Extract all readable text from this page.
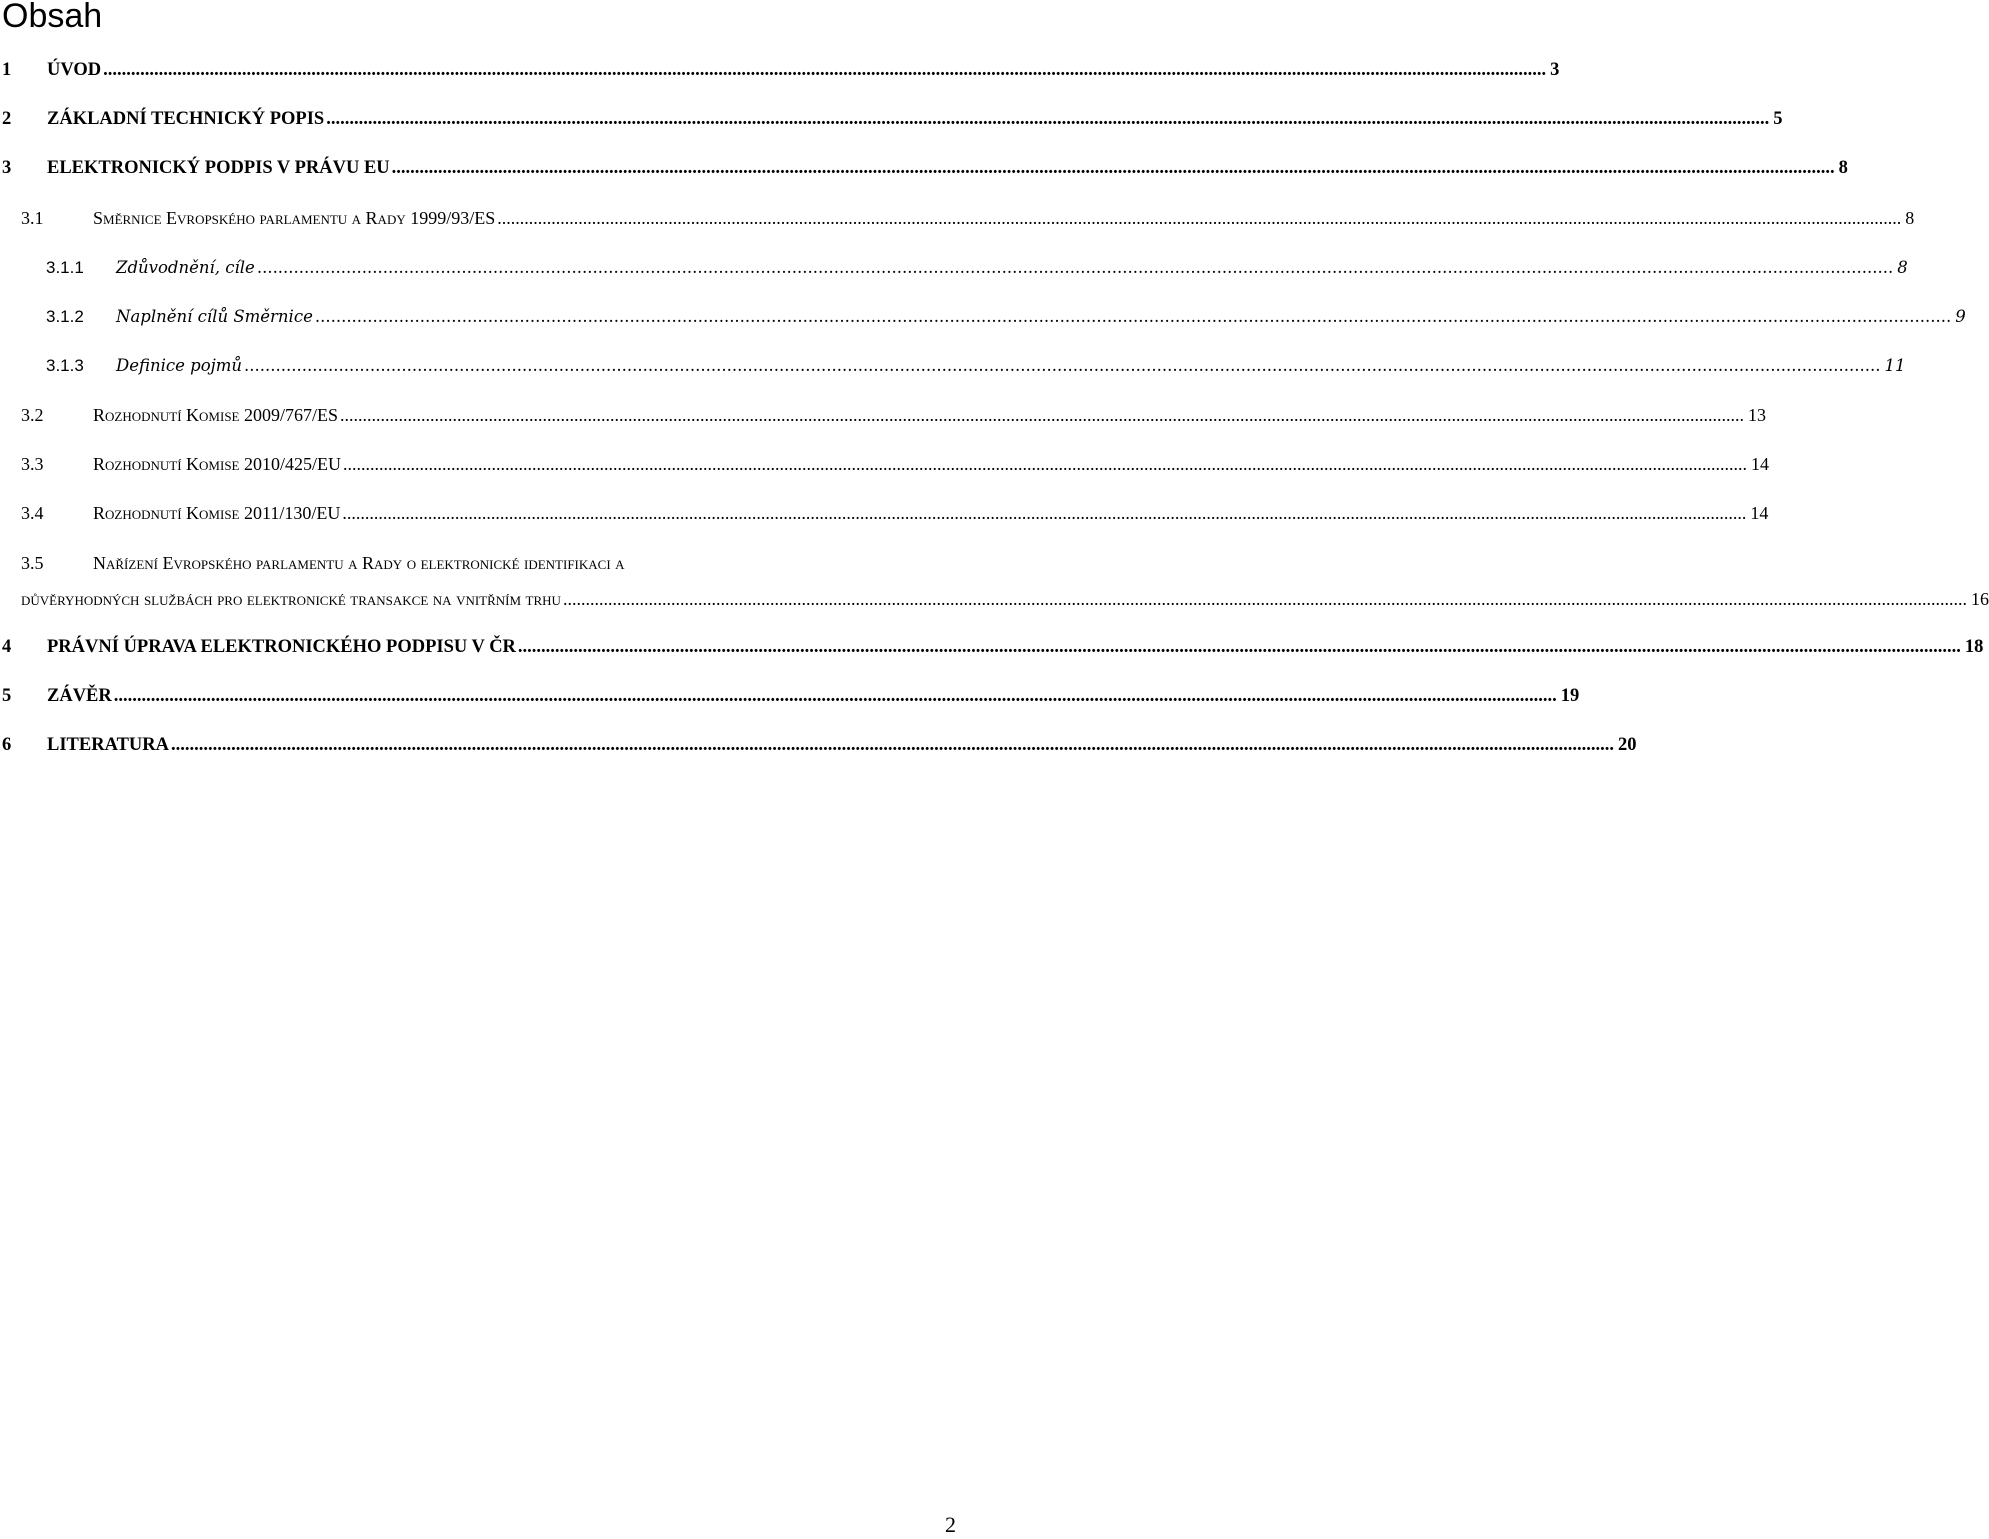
Obsah
1	ÚVOD .....	3
2	ZÁKLADNÍ TECHNICKÝ POPIS .....	5
3	ELEKTRONICKÝ PODPIS V PRÁVU EU .....	8
3.1	Směrnice Evropského parlamentu a Rady 1999/93/ES .....	8
3.1.1	Zdůvodnění, cíle .....	8
3.1.2	Naplnění cílů Směrnice .....	9
3.1.3	Definice pojmů .....	11
3.2	Rozhodnutí Komise 2009/767/ES .....	13
3.3	Rozhodnutí Komise 2010/425/EU .....	14
3.4	Rozhodnutí Komise 2011/130/EU .....	14
3.5	Nařízení Evropského parlamentu a Rady o elektronické identifikaci a
důvěryhodných službách pro elektronické transakce na vnitřním trhu .....	16
4	PRÁVNÍ ÚPRAVA ELEKTRONICKÉHO PODPISU V ČR .....	18
5	ZÁVĚR .....	19
6	LITERATURA .....	20
2
